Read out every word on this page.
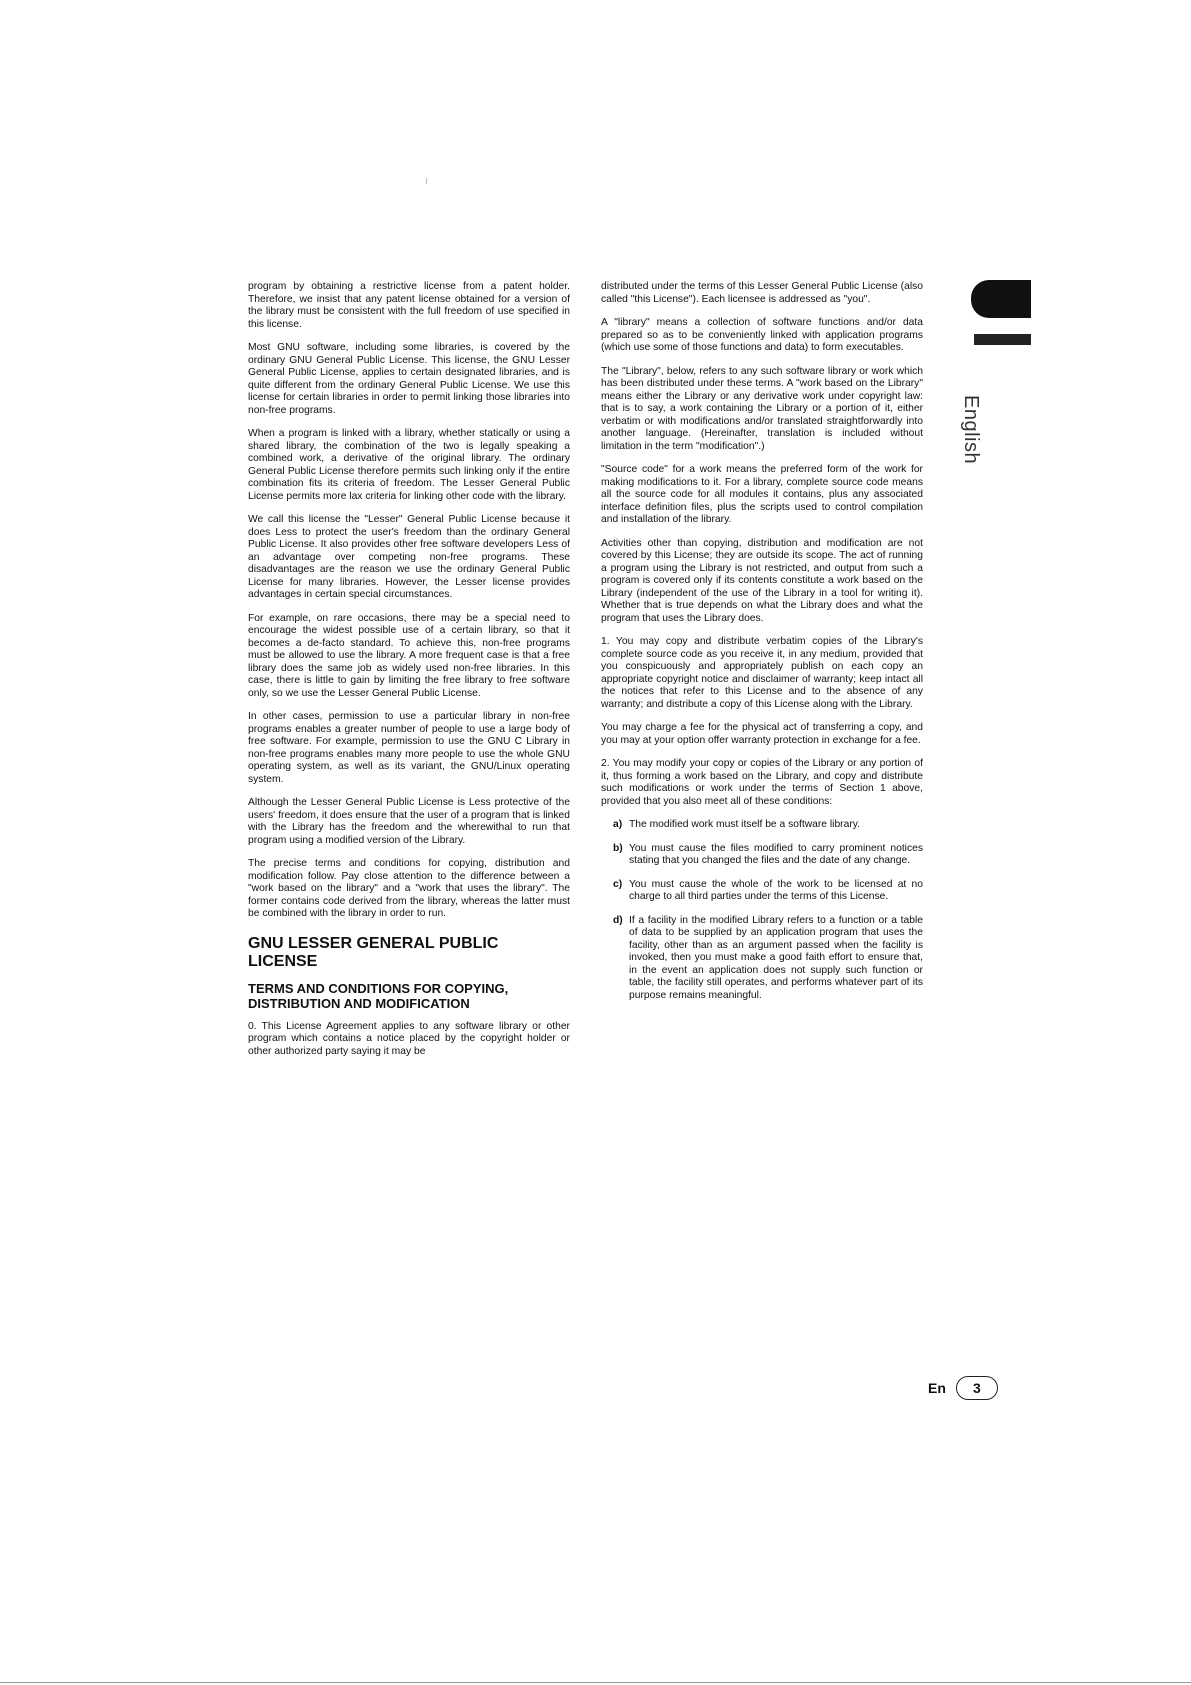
program by obtaining a restrictive license from a patent holder. Therefore, we insist that any patent license obtained for a version of the library must be consistent with the full freedom of use specified in this license.

Most GNU software, including some libraries, is covered by the ordinary GNU General Public License. This license, the GNU Lesser General Public License, applies to certain designated libraries, and is quite different from the ordinary General Public License. We use this license for certain libraries in order to permit linking those libraries into non-free programs.

When a program is linked with a library, whether statically or using a shared library, the combination of the two is legally speaking a combined work, a derivative of the original library. The ordinary General Public License therefore permits such linking only if the entire combination fits its criteria of freedom. The Lesser General Public License permits more lax criteria for linking other code with the library.

We call this license the "Lesser" General Public License because it does Less to protect the user's freedom than the ordinary General Public License. It also provides other free software developers Less of an advantage over competing non-free programs. These disadvantages are the reason we use the ordinary General Public License for many libraries. However, the Lesser license provides advantages in certain special circumstances.

For example, on rare occasions, there may be a special need to encourage the widest possible use of a certain library, so that it becomes a de-facto standard. To achieve this, non-free programs must be allowed to use the library. A more frequent case is that a free library does the same job as widely used non-free libraries. In this case, there is little to gain by limiting the free library to free software only, so we use the Lesser General Public License.

In other cases, permission to use a particular library in non-free programs enables a greater number of people to use a large body of free software. For example, permission to use the GNU C Library in non-free programs enables many more people to use the whole GNU operating system, as well as its variant, the GNU/Linux operating system.

Although the Lesser General Public License is Less protective of the users' freedom, it does ensure that the user of a program that is linked with the Library has the freedom and the wherewithal to run that program using a modified version of the Library.

The precise terms and conditions for copying, distribution and modification follow. Pay close attention to the difference between a "work based on the library" and a "work that uses the library". The former contains code derived from the library, whereas the latter must be combined with the library in order to run.

GNU LESSER GENERAL PUBLIC LICENSE
TERMS AND CONDITIONS FOR COPYING, DISTRIBUTION AND MODIFICATION

0. This License Agreement applies to any software library or other program which contains a notice placed by the copyright holder or other authorized party saying it may be

distributed under the terms of this Lesser General Public License (also called "this License"). Each licensee is addressed as "you".

A "library" means a collection of software functions and/or data prepared so as to be conveniently linked with application programs (which use some of those functions and data) to form executables.

The "Library", below, refers to any such software library or work which has been distributed under these terms. A "work based on the Library" means either the Library or any derivative work under copyright law: that is to say, a work containing the Library or a portion of it, either verbatim or with modifications and/or translated straightforwardly into another language. (Hereinafter, translation is included without limitation in the term "modification".)

"Source code" for a work means the preferred form of the work for making modifications to it. For a library, complete source code means all the source code for all modules it contains, plus any associated interface definition files, plus the scripts used to control compilation and installation of the library.

Activities other than copying, distribution and modification are not covered by this License; they are outside its scope. The act of running a program using the Library is not restricted, and output from such a program is covered only if its contents constitute a work based on the Library (independent of the use of the Library in a tool for writing it). Whether that is true depends on what the Library does and what the program that uses the Library does.

1. You may copy and distribute verbatim copies of the Library's complete source code as you receive it, in any medium, provided that you conspicuously and appropriately publish on each copy an appropriate copyright notice and disclaimer of warranty; keep intact all the notices that refer to this License and to the absence of any warranty; and distribute a copy of this License along with the Library.

You may charge a fee for the physical act of transferring a copy, and you may at your option offer warranty protection in exchange for a fee.

2. You may modify your copy or copies of the Library or any portion of it, thus forming a work based on the Library, and copy and distribute such modifications or work under the terms of Section 1 above, provided that you also meet all of these conditions:

a) The modified work must itself be a software library.
b) You must cause the files modified to carry prominent notices stating that you changed the files and the date of any change.
c) You must cause the whole of the work to be licensed at no charge to all third parties under the terms of this License.
d) If a facility in the modified Library refers to a function or a table of data to be supplied by an application program that uses the facility, other than as an argument passed when the facility is invoked, then you must make a good faith effort to ensure that, in the event an application does not supply such function or table, the facility still operates, and performs whatever part of its purpose remains meaningful.
English
En	3
